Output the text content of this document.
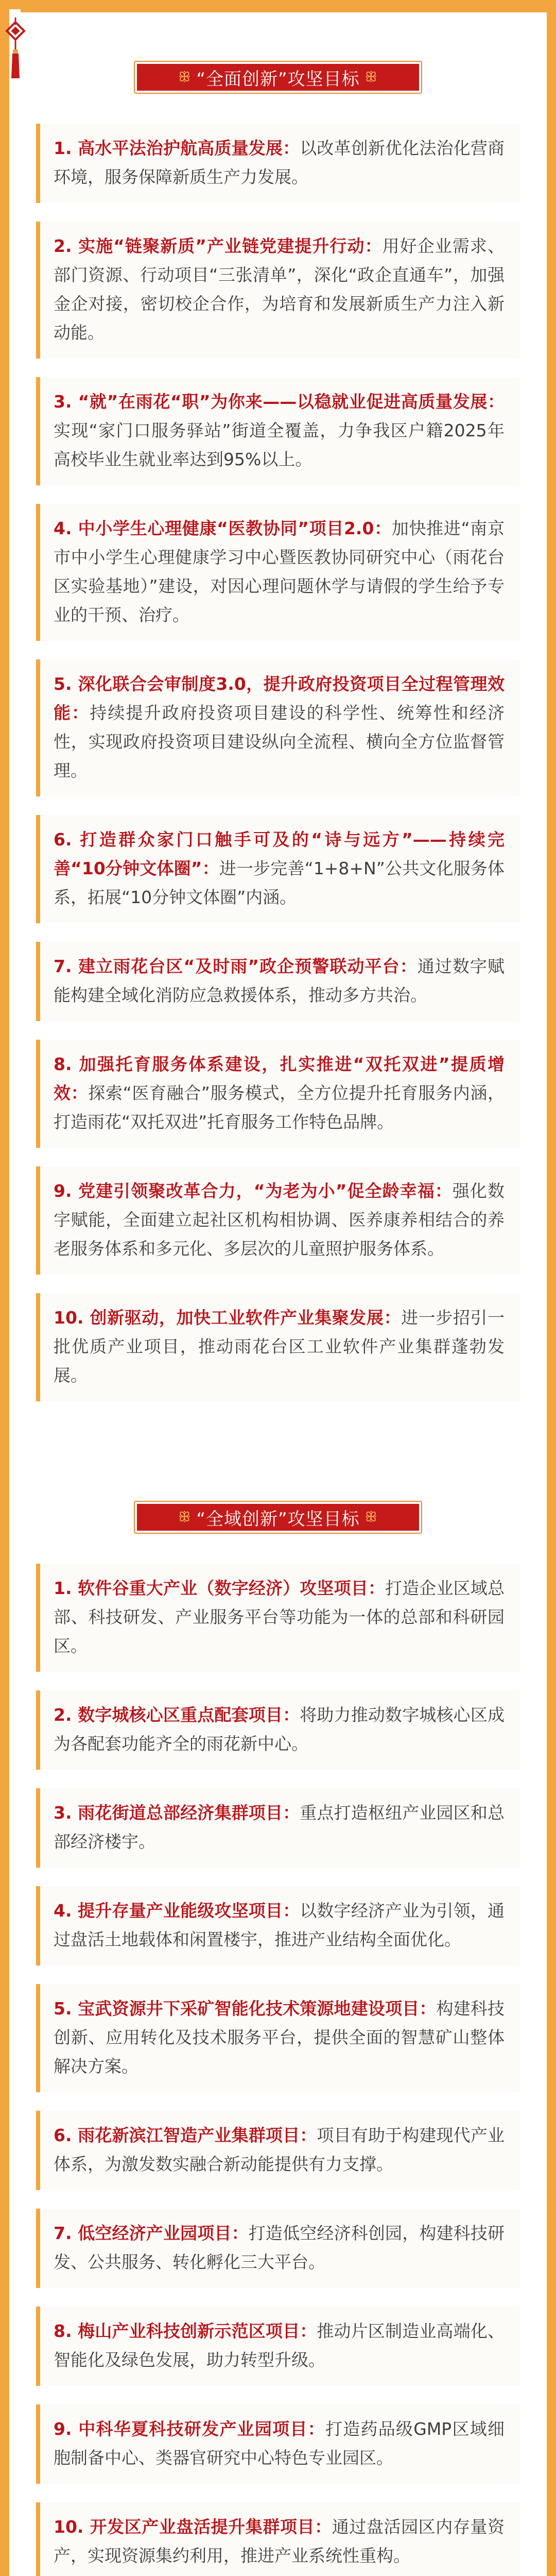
ꕥ “全面创新”攻坚目标 ꕥ
1. 高水平法治护航高质量发展：以改革创新优化法治化营商环境，服务保障新质生产力发展。
2. 实施“链聚新质”产业链党建提升行动：用好企业需求、部门资源、行动项目“三张清单”，深化“政企直通车”，加强金企对接，密切校企合作，为培育和发展新质生产力注入新动能。
3. “就”在雨花“职”为你来——以稳就业促进高质量发展：实现“家门口服务驿站”街道全覆盖，力争我区户籍2025年高校毕业生就业率达到95%以上。
4. 中小学生心理健康“医教协同”项目2.0：加快推进“南京市中小学生心理健康学习中心暨医教协同研究中心（雨花台区实验基地）”建设，对因心理问题休学与请假的学生给予专业的干预、治疗。
5. 深化联合会审制度3.0，提升政府投资项目全过程管理效能：持续提升政府投资项目建设的科学性、统筹性和经济性，实现政府投资项目建设纵向全流程、横向全方位监督管理。
6. 打造群众家门口触手可及的“诗与远方”——持续完善“10分钟文体圈”：进一步完善“1+8+N”公共文化服务体系，拓展“10分钟文体圈”内涵。
7. 建立雨花台区“及时雨”政企预警联动平台：通过数字赋能构建全域化消防应急救援体系，推动多方共治。
8. 加强托育服务体系建设，扎实推进“双托双进”提质增效：探索“医育融合”服务模式，全方位提升托育服务内涵，打造雨花“双托双进”托育服务工作特色品牌。
9. 党建引领聚改革合力，“为老为小”促全龄幸福：强化数字赋能，全面建立起社区机构相协调、医养康养相结合的养老服务体系和多元化、多层次的儿童照护服务体系。
10. 创新驱动，加快工业软件产业集聚发展：进一步招引一批优质产业项目，推动雨花台区工业软件产业集群蓬勃发展。
ꕥ “全域创新”攻坚目标 ꕥ
1. 软件谷重大产业（数字经济）攻坚项目：打造企业区域总部、科技研发、产业服务平台等功能为一体的总部和科研园区。
2. 数字城核心区重点配套项目：将助力推动数字城核心区成为各配套功能齐全的雨花新中心。
3. 雨花街道总部经济集群项目：重点打造枢纽产业园区和总部经济楼宇。
4. 提升存量产业能级攻坚项目：以数字经济产业为引领，通过盘活土地载体和闲置楼宇，推进产业结构全面优化。
5. 宝武资源井下采矿智能化技术策源地建设项目：构建科技创新、应用转化及技术服务平台，提供全面的智慧矿山整体解决方案。
6. 雨花新滨江智造产业集群项目：项目有助于构建现代产业体系，为激发数实融合新动能提供有力支撑。
7. 低空经济产业园项目：打造低空经济科创园，构建科技研发、公共服务、转化孵化三大平台。
8. 梅山产业科技创新示范区项目：推动片区制造业高端化、智能化及绿色发展，助力转型升级。
9. 中科华夏科技研发产业园项目：打造药品级GMP区域细胞制备中心、类器官研究中心特色专业园区。
10. 开发区产业盘活提升集群项目：通过盘活园区内存量资产，实现资源集约利用，推进产业系统性重构。
